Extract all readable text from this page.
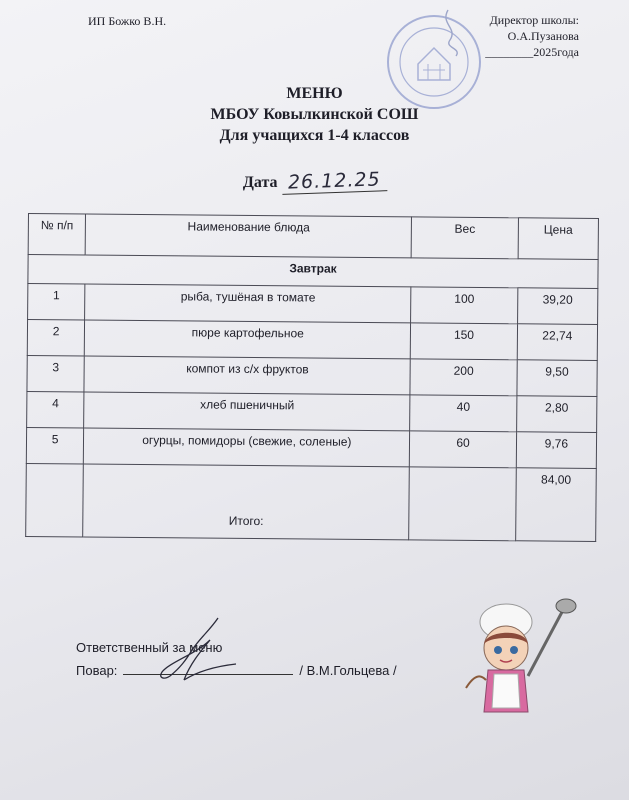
ИП Божко В.Н.	Директор школы:
О.А.Пузанова
________2025года
МЕНЮ
МБОУ Ковылкинской СОШ
Для учащихся 1-4 классов
Дата 26.12.25
№ п/п	Наименование блюда	Вес	Цена
Завтрак			
1	рыба, тушёная в томате	100	39,20
2	пюре картофельное	150	22,74
3	компот из с/х фруктов	200	9,50
4	хлеб пшеничный	40	2,80
5	огурцы, помидоры (свежие, соленые)	60	9,76
	Итого:		84,00
Ответственный за меню
Повар:	/ В.М.Гольцева /
